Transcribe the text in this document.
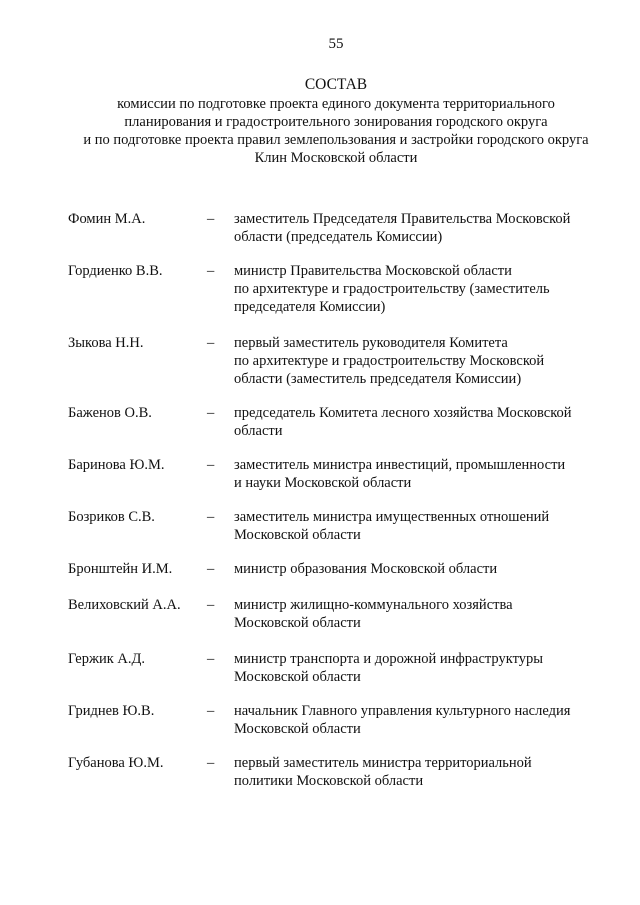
55
СОСТАВ
комиссии по подготовке проекта единого документа территориального
планирования и градостроительного зонирования городского округа
и по подготовке проекта правил землепользования и застройки городского округа
Клин Московской области
Фомин М.А.	– заместитель Председателя Правительства Московской
области (председатель Комиссии)
Гордиенко В.В.	– министр Правительства Московской области
по архитектуре и градостроительству (заместитель
председателя Комиссии)
Зыкова Н.Н.	– первый заместитель руководителя Комитета
по архитектуре и градостроительству Московской
области (заместитель председателя Комиссии)
Баженов О.В.	– председатель Комитета лесного хозяйства Московской
области
Баринова Ю.М.	– заместитель министра инвестиций, промышленности
и науки Московской области
Бозриков С.В.	– заместитель министра имущественных отношений
Московской области
Бронштейн И.М. – министр образования Московской области
Велиховский А.А. – министр жилищно-коммунального хозяйства
Московской области
Гержик А.Д.	– министр транспорта и дорожной инфраструктуры
Московской области
Гриднев Ю.В.	– начальник Главного управления культурного наследия
Московской области
Губанова Ю.М.	– первый заместитель министра территориальной
политики Московской области
